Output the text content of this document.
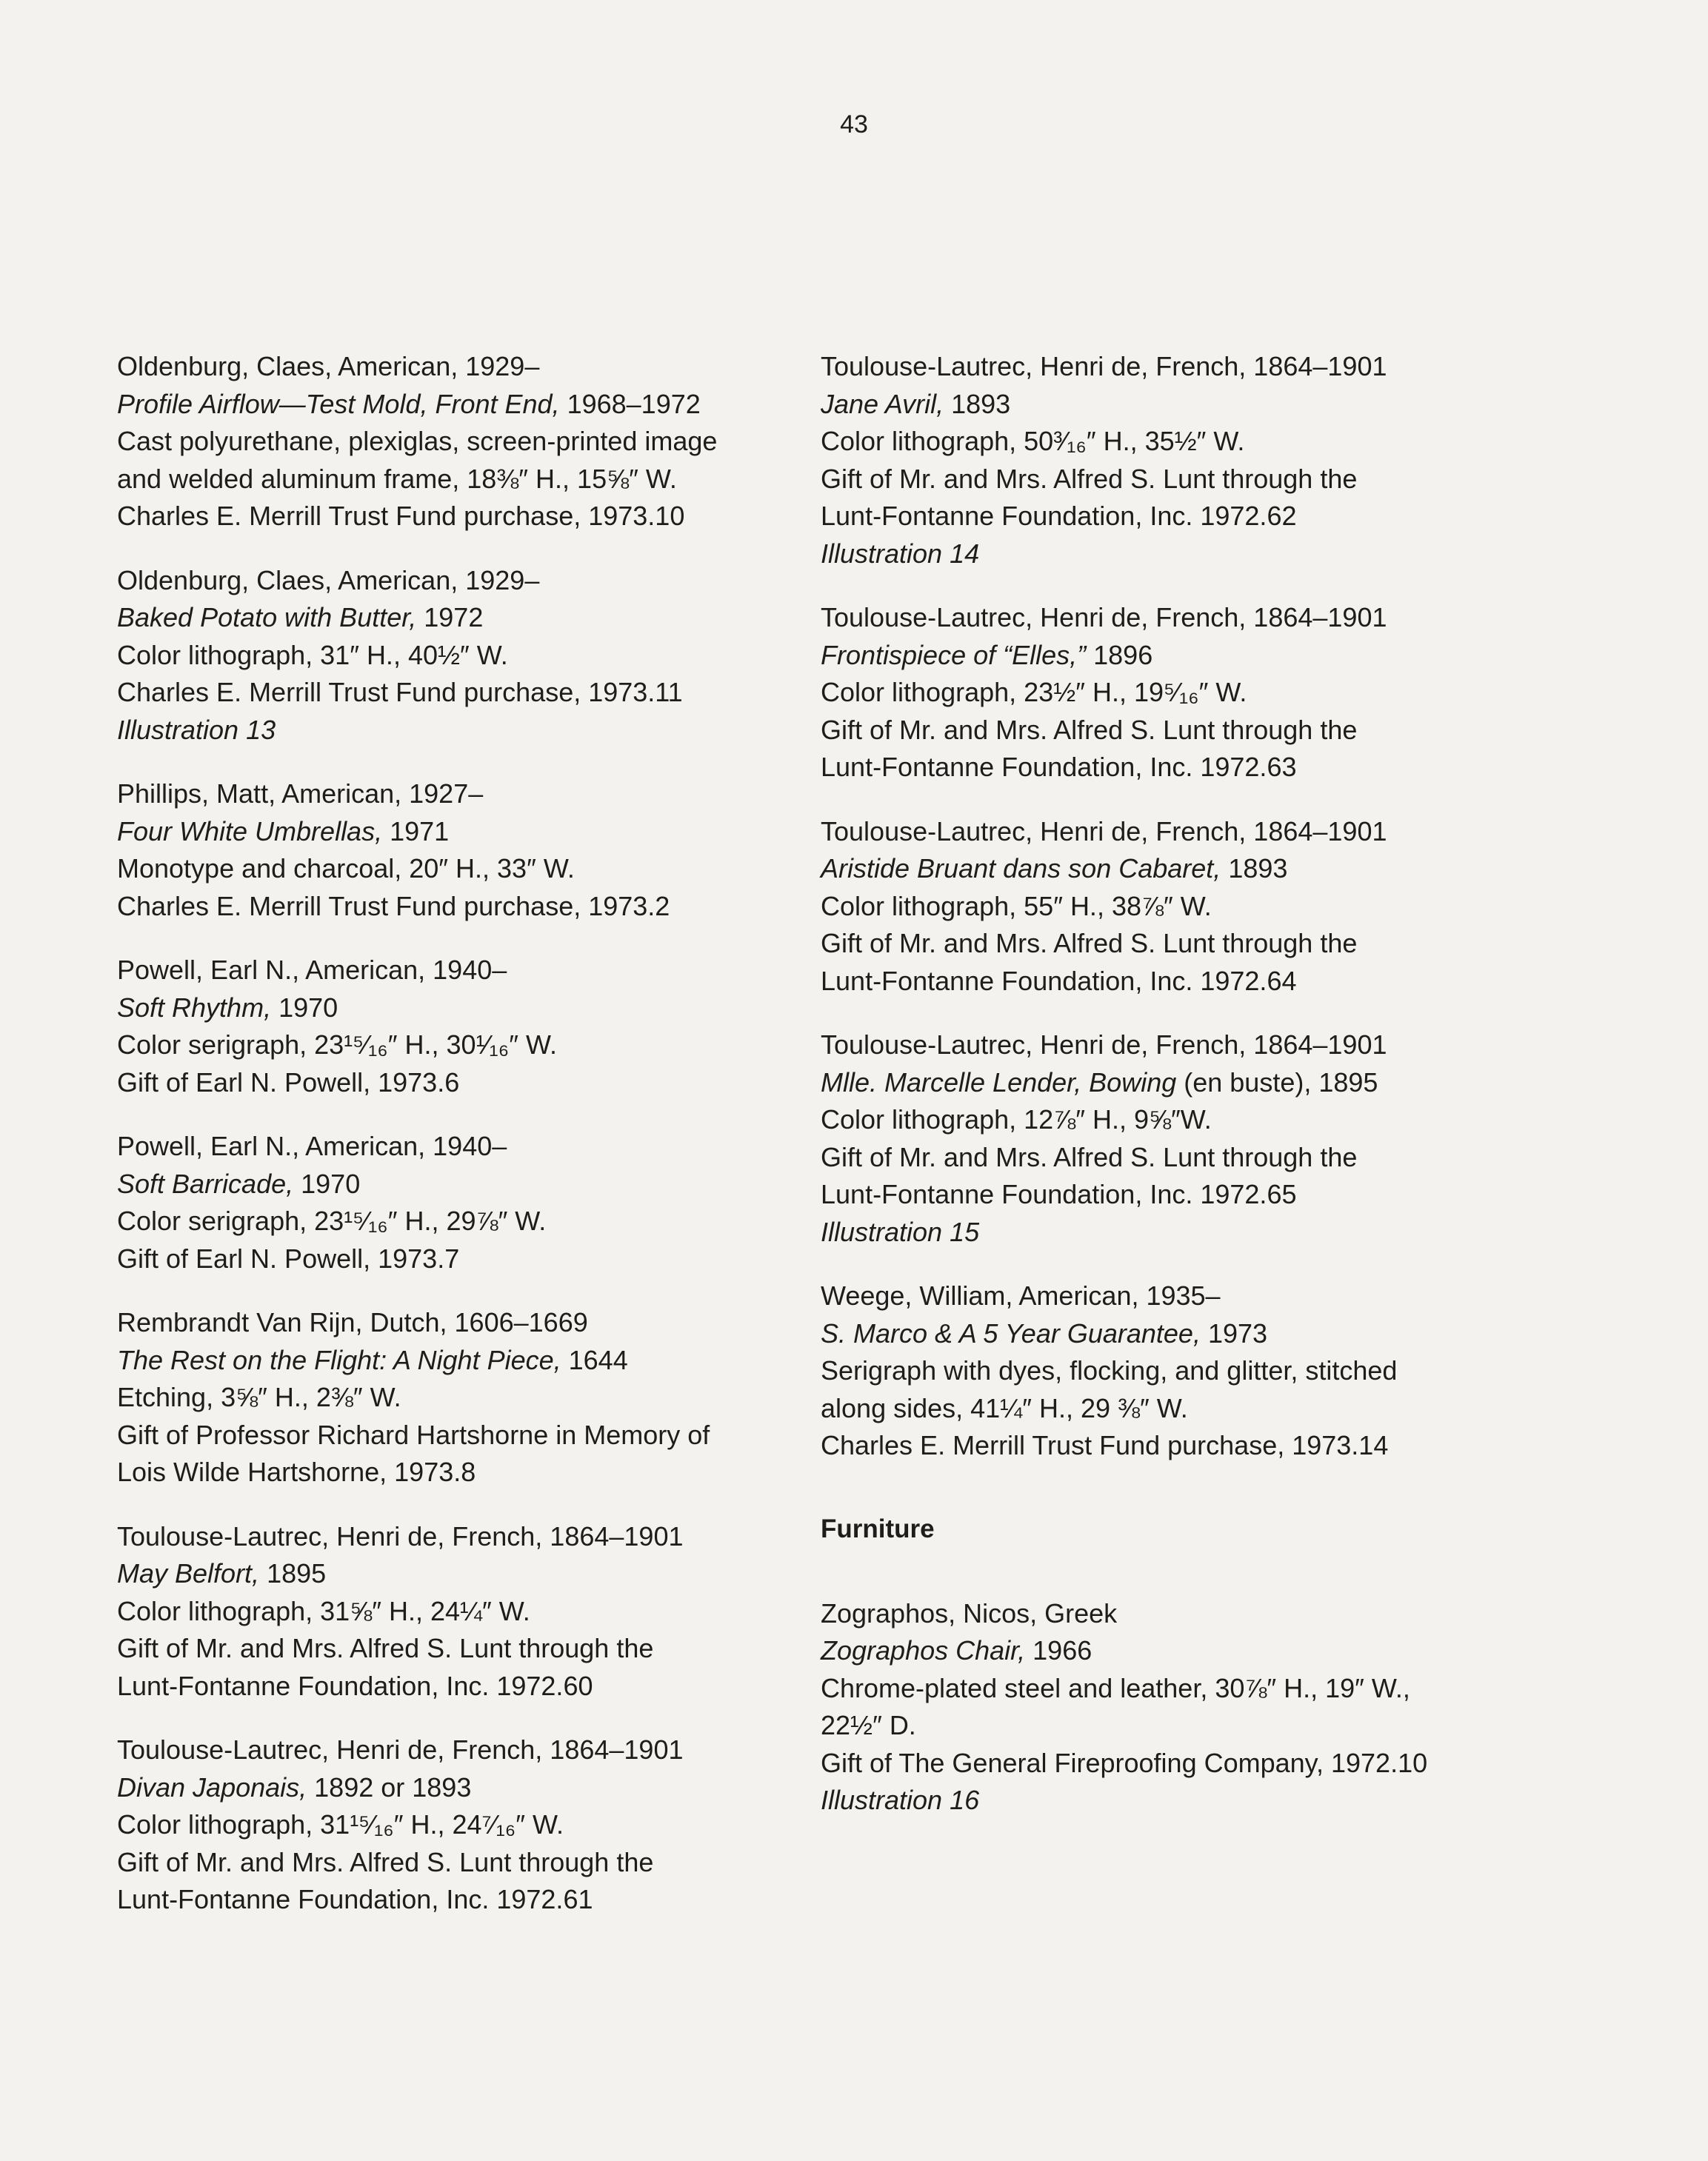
43
Oldenburg, Claes, American, 1929–
Profile Airflow—Test Mold, Front End, 1968–1972
Cast polyurethane, plexiglas, screen-printed image
and welded aluminum frame, 18⅜″ H., 15⅝″ W.
Charles E. Merrill Trust Fund purchase, 1973.10
Oldenburg, Claes, American, 1929–
Baked Potato with Butter, 1972
Color lithograph, 31″ H., 40½″ W.
Charles E. Merrill Trust Fund purchase, 1973.11
Illustration 13
Phillips, Matt, American, 1927–
Four White Umbrellas, 1971
Monotype and charcoal, 20″ H., 33″ W.
Charles E. Merrill Trust Fund purchase, 1973.2
Powell, Earl N., American, 1940–
Soft Rhythm, 1970
Color serigraph, 23¹⁵⁄₁₆″ H., 30¹⁄₁₆″ W.
Gift of Earl N. Powell, 1973.6
Powell, Earl N., American, 1940–
Soft Barricade, 1970
Color serigraph, 23¹⁵⁄₁₆″ H., 29⅞″ W.
Gift of Earl N. Powell, 1973.7
Rembrandt Van Rijn, Dutch, 1606–1669
The Rest on the Flight: A Night Piece, 1644
Etching, 3⅝″ H., 2⅜″ W.
Gift of Professor Richard Hartshorne in Memory of
Lois Wilde Hartshorne, 1973.8
Toulouse-Lautrec, Henri de, French, 1864–1901
May Belfort, 1895
Color lithograph, 31⅝″ H., 24¼″ W.
Gift of Mr. and Mrs. Alfred S. Lunt through the
Lunt-Fontanne Foundation, Inc. 1972.60
Toulouse-Lautrec, Henri de, French, 1864–1901
Divan Japonais, 1892 or 1893
Color lithograph, 31¹⁵⁄₁₆″ H., 24⁷⁄₁₆″ W.
Gift of Mr. and Mrs. Alfred S. Lunt through the
Lunt-Fontanne Foundation, Inc. 1972.61
Toulouse-Lautrec, Henri de, French, 1864–1901
Jane Avril, 1893
Color lithograph, 50³⁄₁₆″ H., 35½″ W.
Gift of Mr. and Mrs. Alfred S. Lunt through the
Lunt-Fontanne Foundation, Inc. 1972.62
Illustration 14
Toulouse-Lautrec, Henri de, French, 1864–1901
Frontispiece of “Elles,” 1896
Color lithograph, 23½″ H., 19⁵⁄₁₆″ W.
Gift of Mr. and Mrs. Alfred S. Lunt through the
Lunt-Fontanne Foundation, Inc. 1972.63
Toulouse-Lautrec, Henri de, French, 1864–1901
Aristide Bruant dans son Cabaret, 1893
Color lithograph, 55″ H., 38⅞″ W.
Gift of Mr. and Mrs. Alfred S. Lunt through the
Lunt-Fontanne Foundation, Inc. 1972.64
Toulouse-Lautrec, Henri de, French, 1864–1901
Mlle. Marcelle Lender, Bowing (en buste), 1895
Color lithograph, 12⅞″ H., 9⅝″W.
Gift of Mr. and Mrs. Alfred S. Lunt through the
Lunt-Fontanne Foundation, Inc. 1972.65
Illustration 15
Weege, William, American, 1935–
S. Marco & A 5 Year Guarantee, 1973
Serigraph with dyes, flocking, and glitter, stitched
along sides, 41¼″ H., 29 ⅜″ W.
Charles E. Merrill Trust Fund purchase, 1973.14
Furniture
Zographos, Nicos, Greek
Zographos Chair, 1966
Chrome-plated steel and leather, 30⅞″ H., 19″ W.,
22½″ D.
Gift of The General Fireproofing Company, 1972.10
Illustration 16
